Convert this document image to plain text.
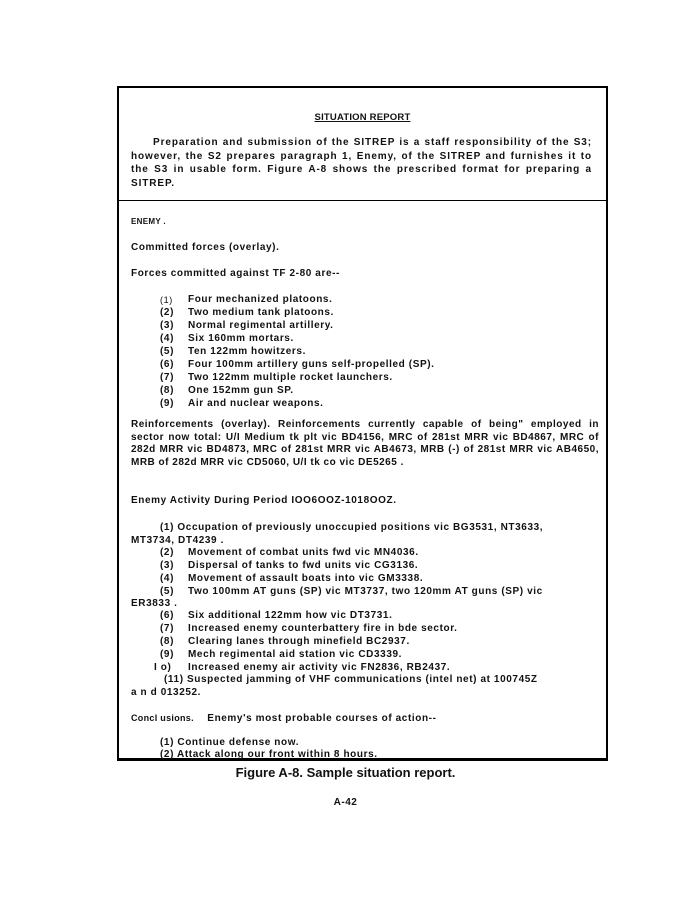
SITUATION REPORT
Preparation and submission of the SITREP is a staff responsibility of the S3; however, the S2 prepares paragraph 1, Enemy, of the SITREP and furnishes it to the S3 in usable form. Figure A-8 shows the prescribed format for preparing a SITREP.
ENEMY .
Committed forces (overlay).
Forces committed against TF 2-80 are--
(1)	Four mechanized platoons.
(2)	Two medium tank platoons.
(3)	Normal regimental artillery.
(4)	Six 160mm mortars.
(5)	Ten 122mm howitzers.
(6)	Four 100mm artillery guns self-propelled (SP).
(7)	Two 122mm multiple rocket launchers.
(8)	One 152mm gun SP.
(9)	Air and nuclear weapons.
Reinforcements (overlay). Reinforcements currently capable of being" employed in sector now total: U/I Medium tk plt vic BD4156, MRC of 281st MRR vic BD4867, MRC of 282d MRR vic BD4873, MRC of 281st MRR vic AB4673, MRB (-) of 281st MRR vic AB4650, MRB of 282d MRR vic CD5060, U/I tk co vic DE5265 .
Enemy Activity During Period IOO6OOZ-1018OOZ.
(1) Occupation of previously unoccupied positions vic BG3531, NT3633,
MT3734, DT4239 .
(2)	Movement of combat units fwd vic MN4036.
(3)	Dispersal of tanks to fwd units vic CG3136.
(4)	Movement of assault boats into vic GM3338.
(5)	Two 100mm AT guns (SP) vic MT3737, two 120mm AT guns (SP) vic
ER3833 .
(6)	Six additional 122mm how vic DT3731.
(7)	Increased enemy counterbattery fire in bde sector.
(8)	Clearing lanes through minefield BC2937.
(9)	Mech regimental aid station vic CD3339.
I o)	Increased enemy air activity vic FN2836, RB2437.
(11) Suspected jamming of VHF communications (intel net) at 100745Z
a n d 013252.
Concl usions. Enemy's most probable courses of action--
(1) Continue defense now.
(2) Attack along our front within 8 hours.
Figure A-8. Sample situation report.
A-42
